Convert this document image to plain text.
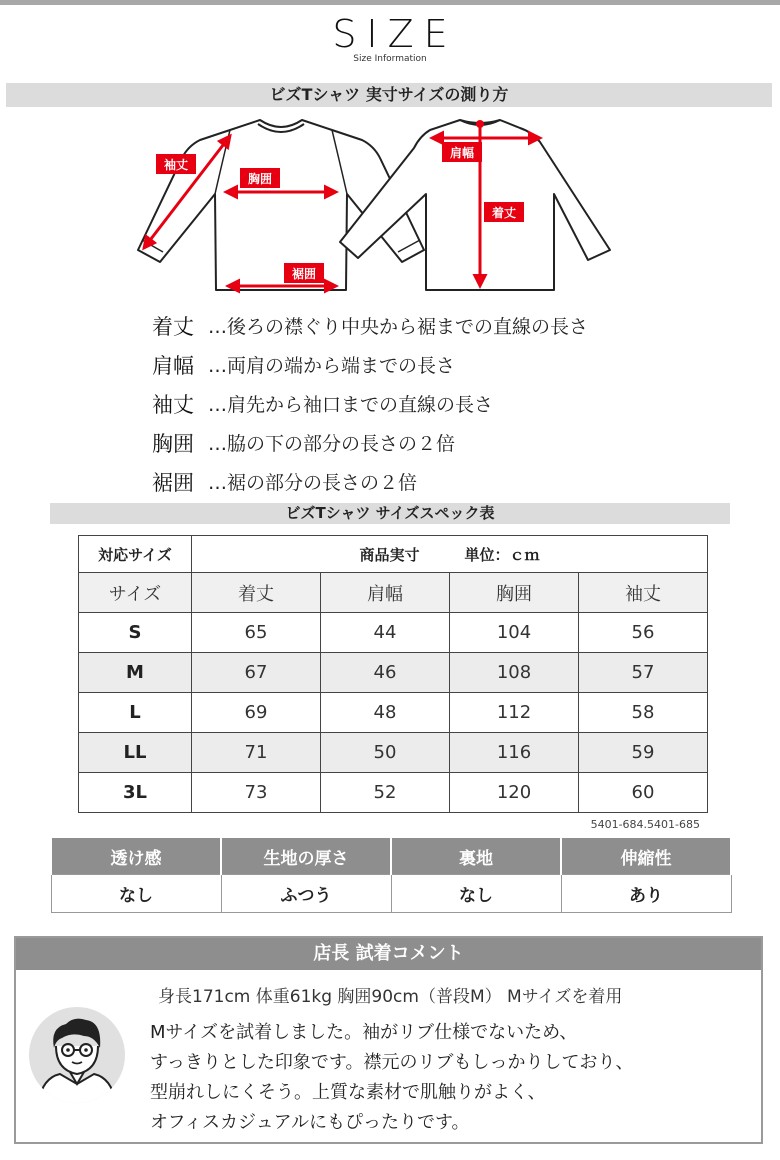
SIZE
Size Information
ビズTシャツ 実寸サイズの測り方
袖丈
胸囲
裾囲
肩幅
着丈
着丈 …後ろの襟ぐり中央から裾までの直線の長さ
肩幅 …両肩の端から端までの長さ
袖丈 …肩先から袖口までの直線の長さ
胸囲 …脇の下の部分の長さの２倍
裾囲 …裾の部分の長さの２倍
ビズTシャツ サイズスペック表
対応サイズ	商品実寸　　　単位：ｃｍ			
サイズ	着丈	肩幅	胸囲	袖丈
S	65	44	104	56
M	67	46	108	57
L	69	48	112	58
LL	71	50	116	59
3L	73	52	120	60
5401-684.5401-685
透け感	生地の厚さ	裏地	伸縮性
なし	ふつう	なし	あり
店長 試着コメント
身長171cm 体重61kg 胸囲90cm（普段M） Mサイズを着用
Mサイズを試着しました。袖がリブ仕様でないため、
すっきりとした印象です。襟元のリブもしっかりしており、
型崩れしにくそう。上質な素材で肌触りがよく、
オフィスカジュアルにもぴったりです。
